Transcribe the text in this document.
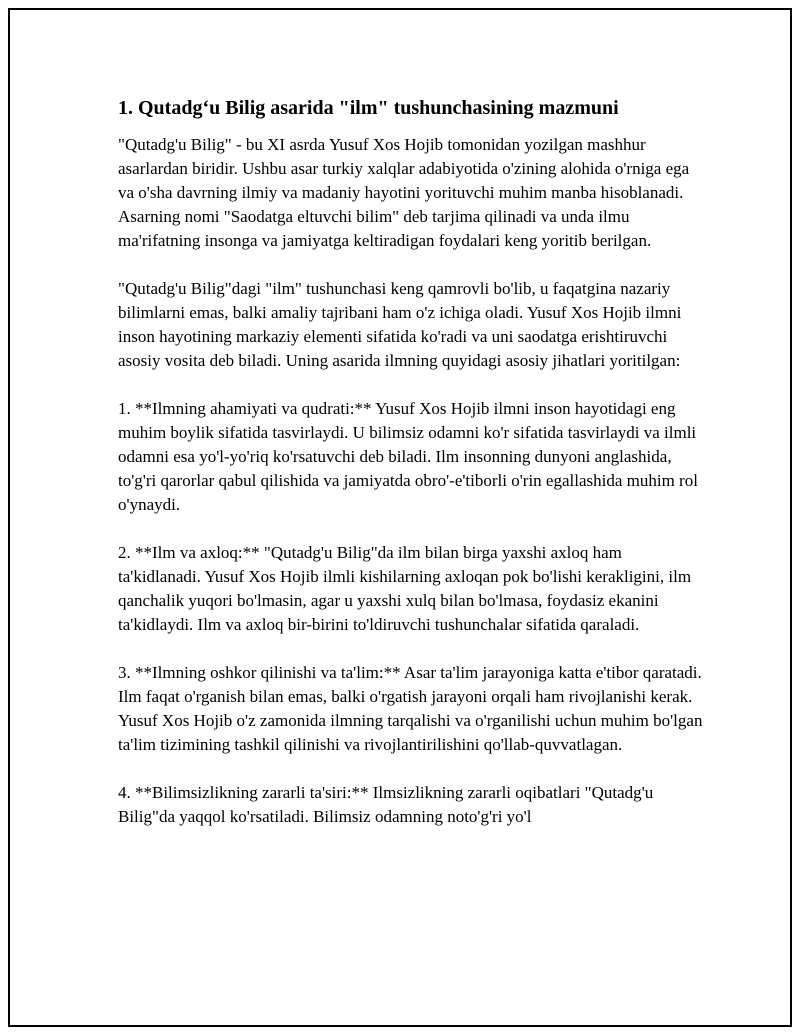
1. Qutadg‘u Bilig asarida "ilm" tushunchasining mazmuni

"Qutadg'u Bilig" - bu XI asrda Yusuf Xos Hojib tomonidan yozilgan mashhur asarlardan biridir. Ushbu asar turkiy xalqlar adabiyotida o'zining alohida o'rniga ega va o'sha davrning ilmiy va madaniy hayotini yorituvchi muhim manba hisoblanadi. Asarning nomi "Saodatga eltuvchi bilim" deb tarjima qilinadi va unda ilmu ma'rifatning insonga va jamiyatga keltiradigan foydalari keng yoritib berilgan.

"Qutadg'u Bilig"dagi "ilm" tushunchasi keng qamrovli bo'lib, u faqatgina nazariy bilimlarni emas, balki amaliy tajribani ham o'z ichiga oladi. Yusuf Xos Hojib ilmni inson hayotining markaziy elementi sifatida ko'radi va uni saodatga erishtiruvchi asosiy vosita deb biladi. Uning asarida ilmning quyidagi asosiy jihatlari yoritilgan:

1. **Ilmning ahamiyati va qudrati:** Yusuf Xos Hojib ilmni inson hayotidagi eng muhim boylik sifatida tasvirlaydi. U bilimsiz odamni ko'r sifatida tasvirlaydi va ilmli odamni esa yo'l-yo'riq ko'rsatuvchi deb biladi. Ilm insonning dunyoni anglashida, to'g'ri qarorlar qabul qilishida va jamiyatda obro'-e'tiborli o'rin egallashida muhim rol o'ynaydi.

2. **Ilm va axloq:** "Qutadg'u Bilig"da ilm bilan birga yaxshi axloq ham ta'kidlanadi. Yusuf Xos Hojib ilmli kishilarning axloqan pok bo'lishi kerakligini, ilm qanchalik yuqori bo'lmasin, agar u yaxshi xulq bilan bo'lmasa, foydasiz ekanini ta'kidlaydi. Ilm va axloq bir-birini to'ldiruvchi tushunchalar sifatida qaraladi.

3. **Ilmning oshkor qilinishi va ta'lim:** Asar ta'lim jarayoniga katta e'tibor qaratadi. Ilm faqat o'rganish bilan emas, balki o'rgatish jarayoni orqali ham rivojlanishi kerak. Yusuf Xos Hojib o'z zamonida ilmning tarqalishi va o'rganilishi uchun muhim bo'lgan ta'lim tizimining tashkil qilinishi va rivojlantirilishini qo'llab-quvvatlagan.

4. **Bilimsizlikning zararli ta'siri:** Ilmsizlikning zararli oqibatlari "Qutadg'u Bilig"da yaqqol ko'rsatiladi. Bilimsiz odamning noto'g'ri yo'l
